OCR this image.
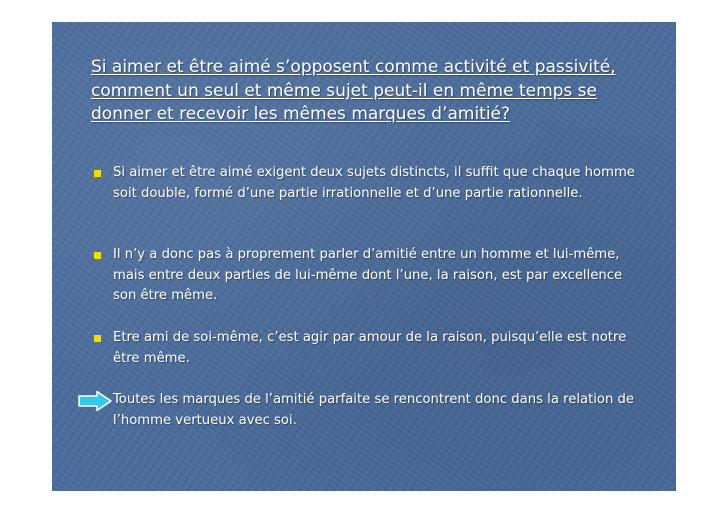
Si aimer et être aimé s’opposent comme activité et passivité, comment un seul et même sujet peut-il en même temps se donner et recevoir les mêmes marques d’amitié?
Si aimer et être aimé exigent deux sujets distincts, il suffit que chaque homme soit double, formé d’une partie irrationnelle et d’une partie rationnelle.
Il n’y a donc pas à proprement parler d’amitié entre un homme et lui-même, mais entre deux parties de lui-même dont l’une, la raison, est par excellence son être même.
Etre ami de soi-même, c’est agir par amour de la raison, puisqu’elle est notre être même.
Toutes les marques de l’amitié parfaite se rencontrent donc dans la relation de l’homme vertueux avec soi.
